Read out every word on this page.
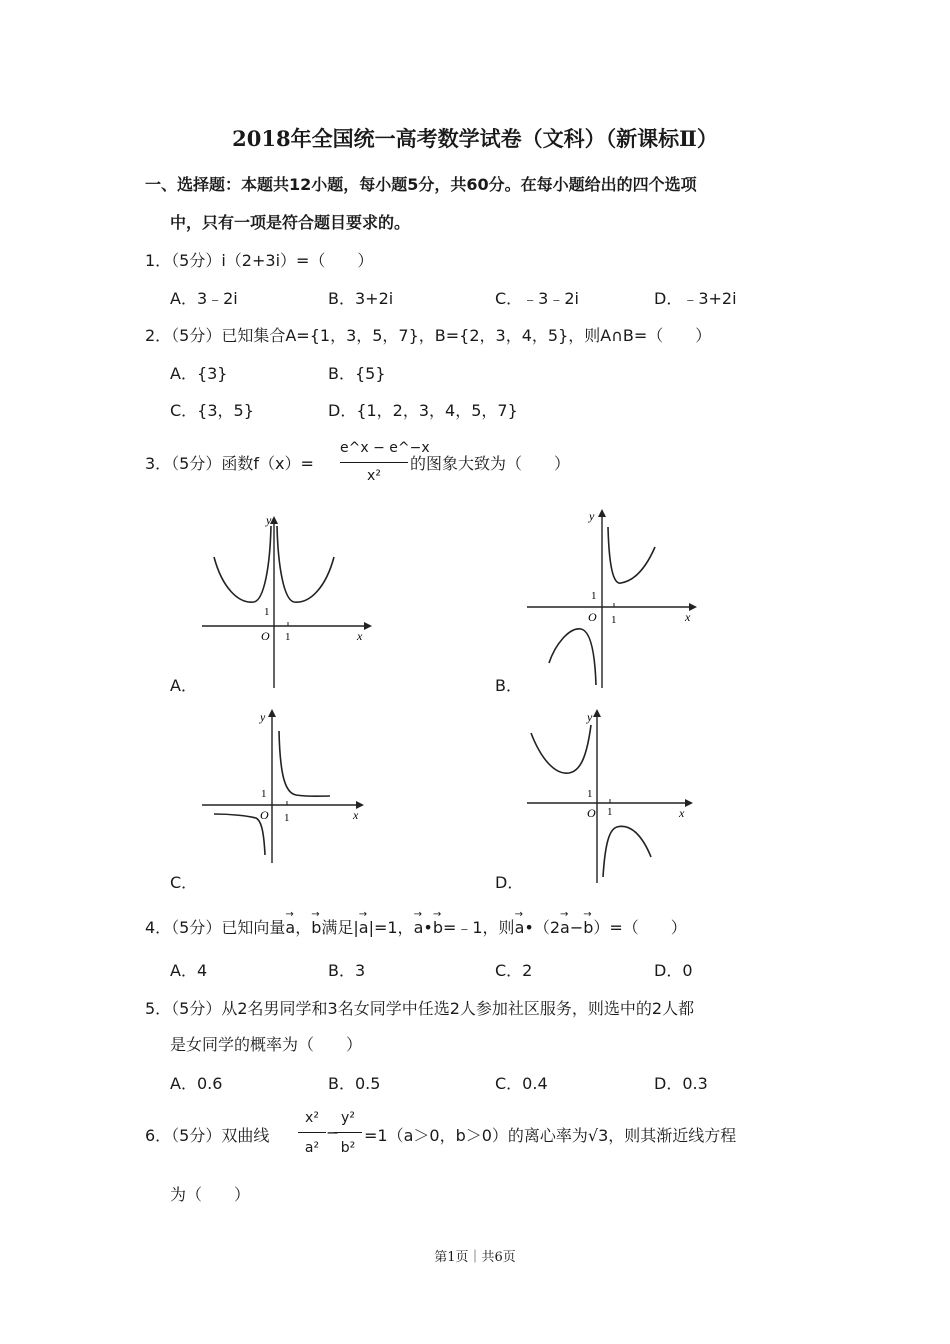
2018年全国统一高考数学试卷（文科）（新课标Ⅱ）
一、选择题：本题共12小题，每小题5分，共60分。在每小题给出的四个选项
中，只有一项是符合题目要求的。
1．（5分）i（2+3i）=（　　）
A．3﹣2i	B．3+2i	C．﹣3﹣2i	D．﹣3+2i
2．（5分）已知集合A={1，3，5，7}，B={2，3，4，5}，则A∩B=（　　）
A．{3}	B．{5}
C．{3，5}	D．{1，2，3，4，5，7}
3．（5分）函数f（x）=
e^x − e^−x
x²
的图象大致为（　　）
y
x
O 1
1
A．
y
x
O 1
1
B．
y
x
O 1
1
C．
y
x
O 1
1
D．
4．（5分）已知向量
→
a，
→
b满足|
→
a|=1，
→
a•
→
b=﹣1，则
→
a•（2
→
a−
→
b）=（　　）
A．4	B．3	C．2	D．0
5．（5分）从2名男同学和3名女同学中任选2人参加社区服务，则选中的2人都
是女同学的概率为（　　）
A．0.6	B．0.5	C．0.4	D．0.3
6．（5分）双曲线
x²
a²
−
y²
b²
=1（a＞0，b＞0）的离心率为√3，则其渐近线方程
为（　　）
第1页｜共6页
